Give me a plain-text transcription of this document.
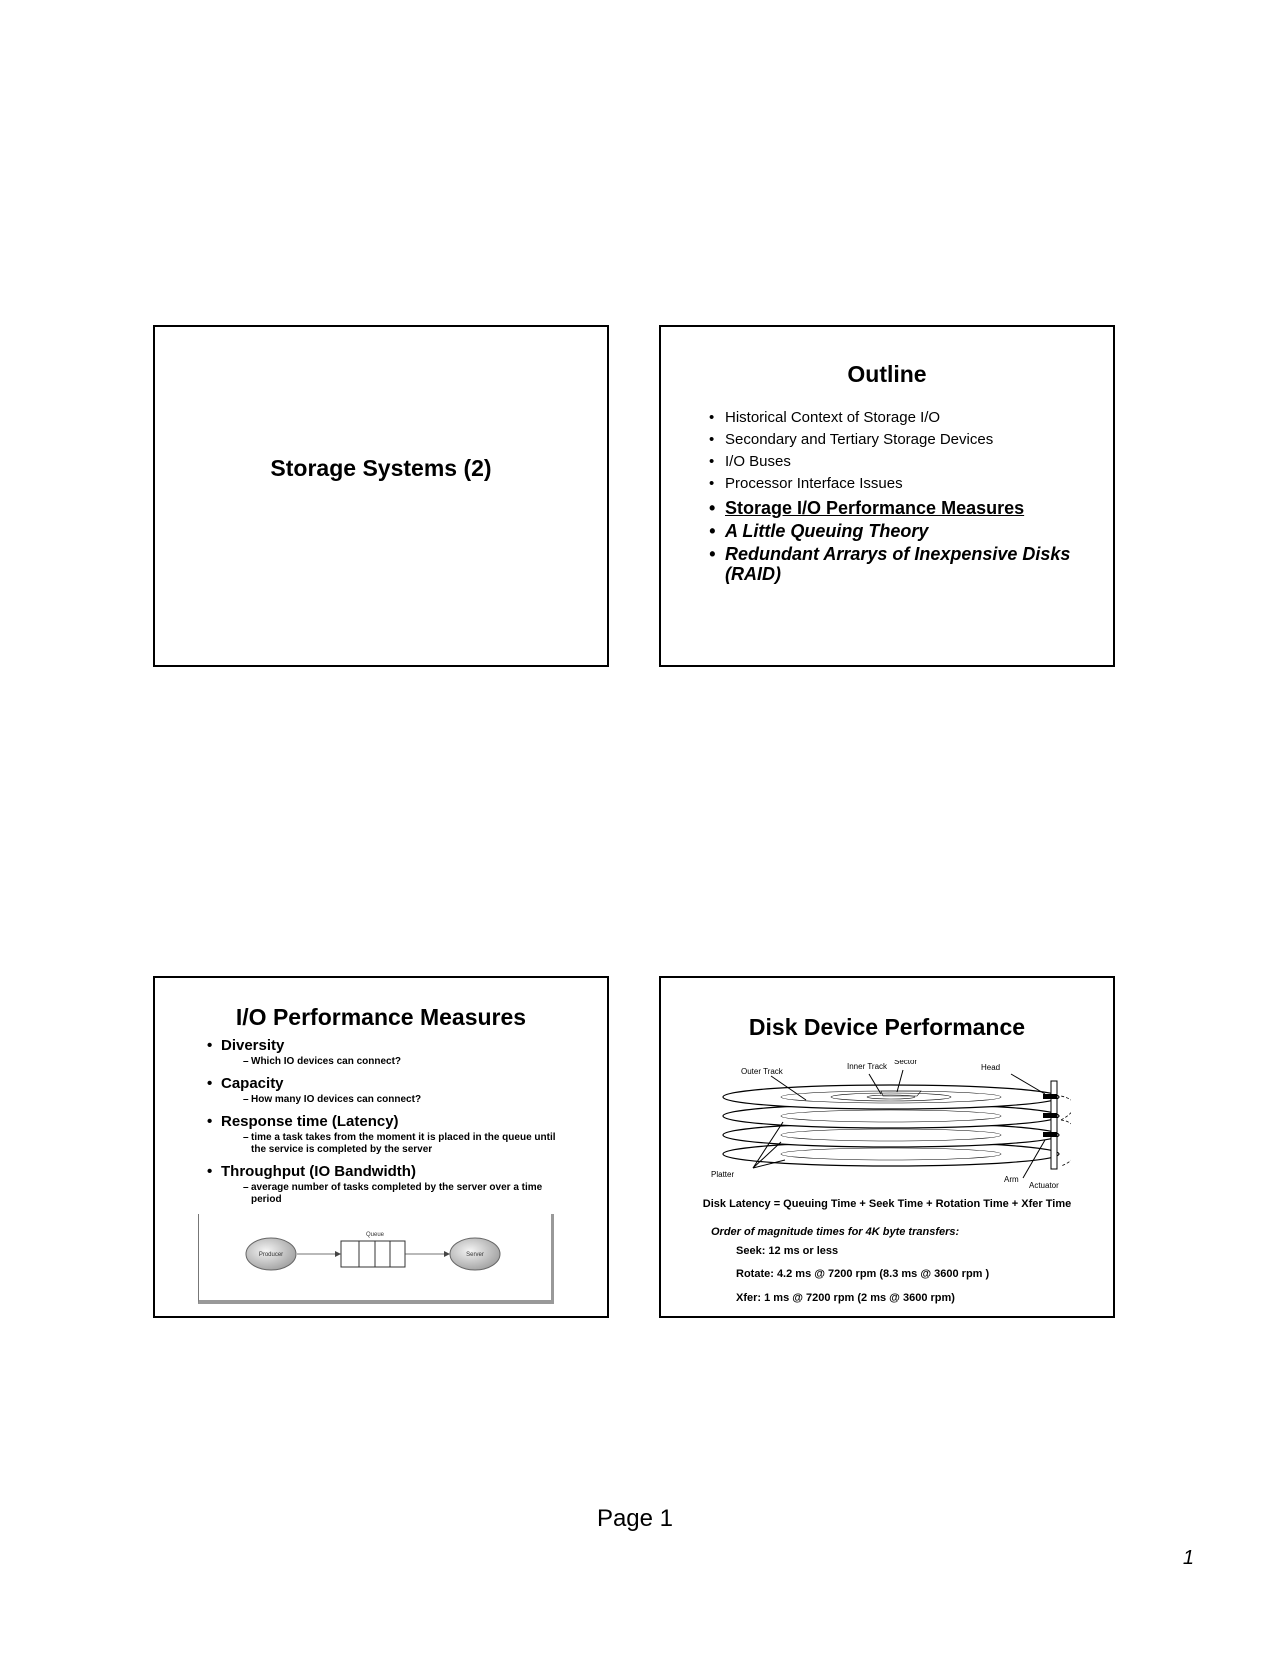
Storage Systems (2)
Outline
• Historical Context of Storage I/O
• Secondary and Tertiary Storage Devices
• I/O Buses
• Processor Interface Issues
• Storage I/O Performance Measures
• A Little Queuing Theory
• Redundant Arrarys of Inexpensive Disks (RAID)
I/O Performance Measures
• Diversity
– Which IO devices can connect?
• Capacity
– How many IO devices can connect?
• Response time (Latency)
– time a task takes from the moment it is placed in the queue until the service is completed by the server
• Throughput (IO Bandwidth)
– average number of tasks completed by the server over a time period
Producer
Queue
Server
Disk Device Performance
Outer Track
Inner Track
Sector
Head
Platter
Arm
Actuator
Disk Latency = Queuing Time + Seek Time + Rotation Time + Xfer Time
Order of magnitude times for 4K byte transfers:
Seek: 12 ms or less
Rotate: 4.2 ms @ 7200 rpm (8.3 ms @ 3600 rpm )
Xfer: 1 ms @ 7200 rpm (2 ms @ 3600 rpm)
Page 1
1
